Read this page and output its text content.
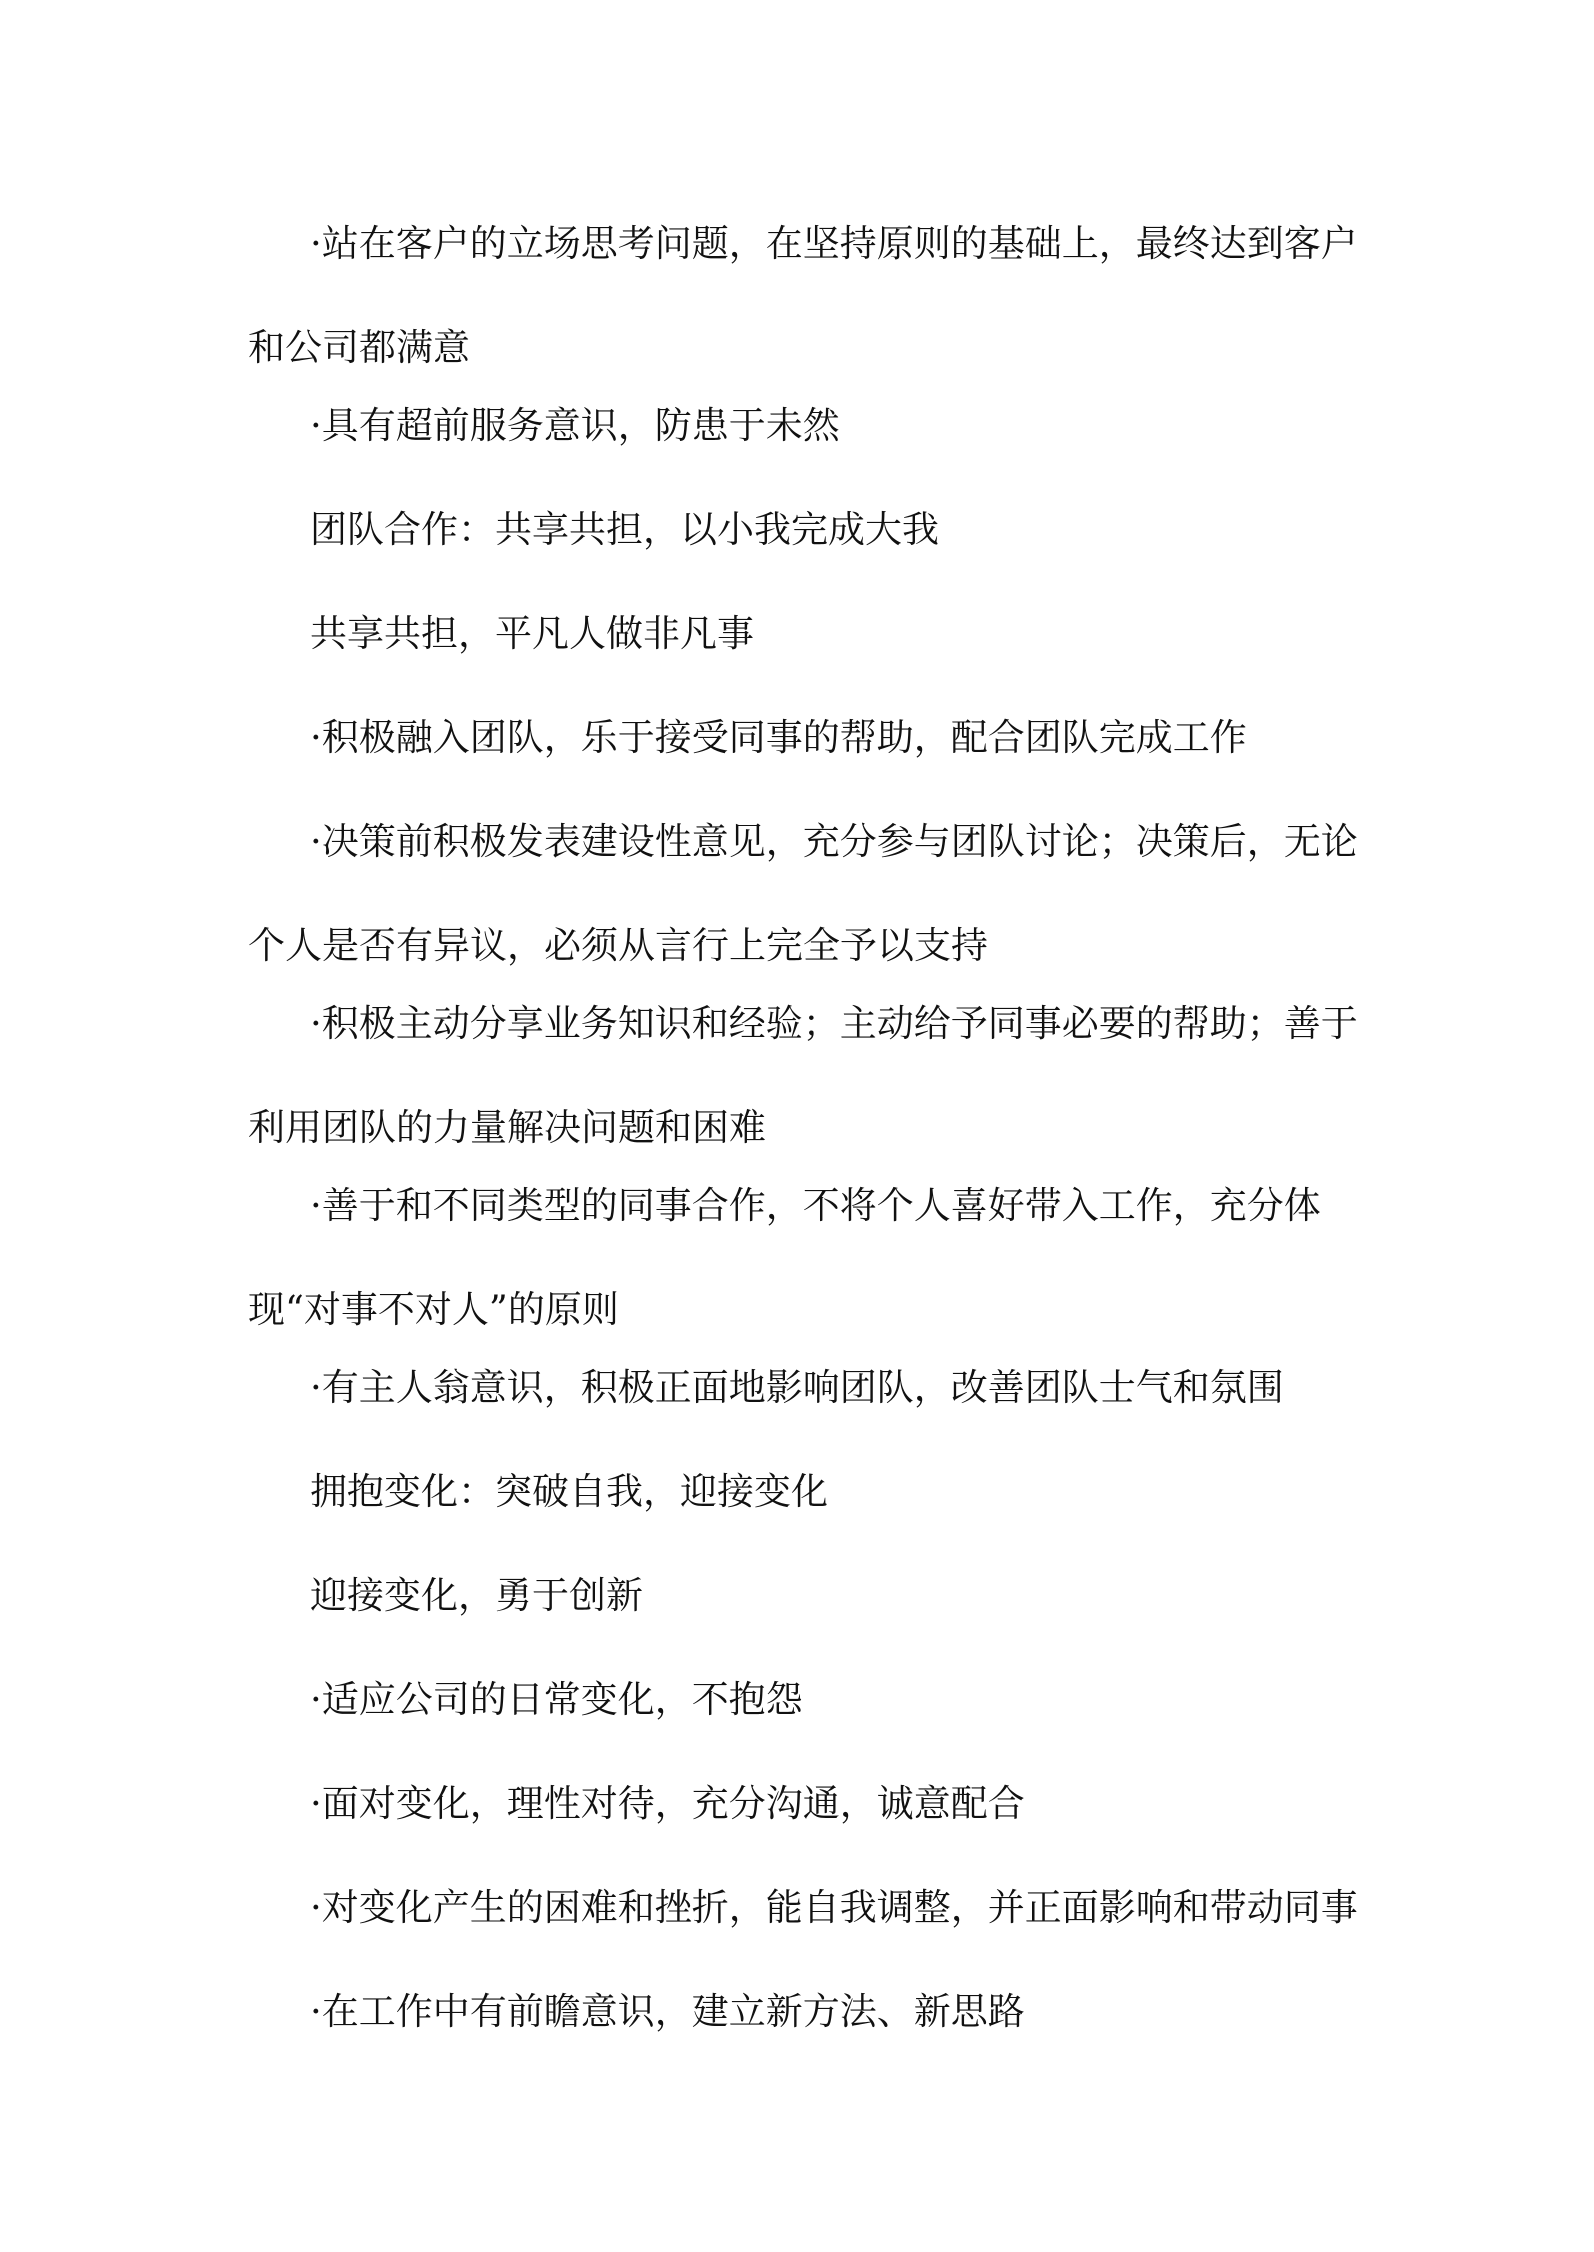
·站在客户的立场思考问题，在坚持原则的基础上，最终达到客户和公司都满意

·具有超前服务意识，防患于未然

团队合作：共享共担，以小我完成大我

共享共担，平凡人做非凡事

·积极融入团队，乐于接受同事的帮助，配合团队完成工作

·决策前积极发表建设性意见，充分参与团队讨论；决策后，无论个人是否有异议，必须从言行上完全予以支持

·积极主动分享业务知识和经验；主动给予同事必要的帮助；善于利用团队的力量解决问题和困难

·善于和不同类型的同事合作，不将个人喜好带入工作，充分体现“对事不对人”的原则

·有主人翁意识，积极正面地影响团队，改善团队士气和氛围

拥抱变化：突破自我，迎接变化

迎接变化，勇于创新

·适应公司的日常变化，不抱怨

·面对变化，理性对待，充分沟通，诚意配合

·对变化产生的困难和挫折，能自我调整，并正面影响和带动同事

·在工作中有前瞻意识，建立新方法、新思路
